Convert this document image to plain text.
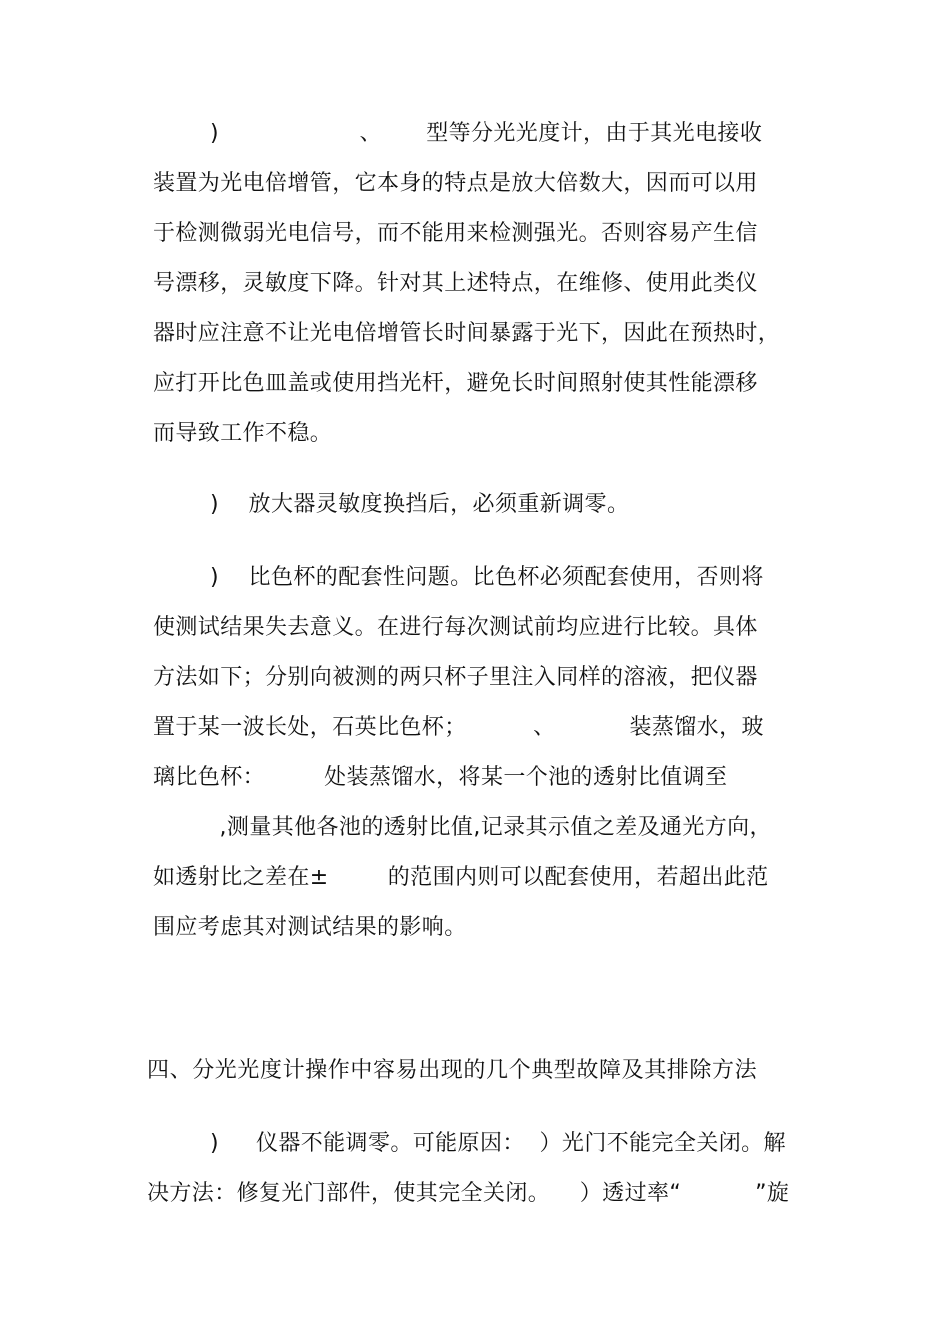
)                   、      型等分光光度计，由于其光电接收
装置为光电倍增管，它本身的特点是放大倍数大，因而可以用
于检测微弱光电信号，而不能用来检测强光。否则容易产生信
号漂移，灵敏度下降。针对其上述特点，在维修、使用此类仪
器时应注意不让光电倍增管长时间暴露于光下，因此在预热时，
应打开比色皿盖或使用挡光杆，避免长时间照射使其性能漂移
而导致工作不稳。
)    放大器灵敏度换挡后，必须重新调零。
)    比色杯的配套性问题。比色杯必须配套使用，否则将
使测试结果失去意义。在进行每次测试前均应进行比较。具体
方法如下；分别向被测的两只杯子里注入同样的溶液，把仪器
置于某一波长处，石英比色杯；         、          装蒸馏水，玻
璃比色杯：        处装蒸馏水，将某一个池的透射比值调至
,测量其他各池的透射比值,记录其示值之差及通光方向，
如透射比之差在±        的范围内则可以配套使用，若超出此范
围应考虑其对测试结果的影响。
四、分光光度计操作中容易出现的几个典型故障及其排除方法
)     仪器不能调零。可能原因：  ）光门不能完全关闭。解
决方法：修复光门部件，使其完全关闭。    ）透过率“          ”旋
